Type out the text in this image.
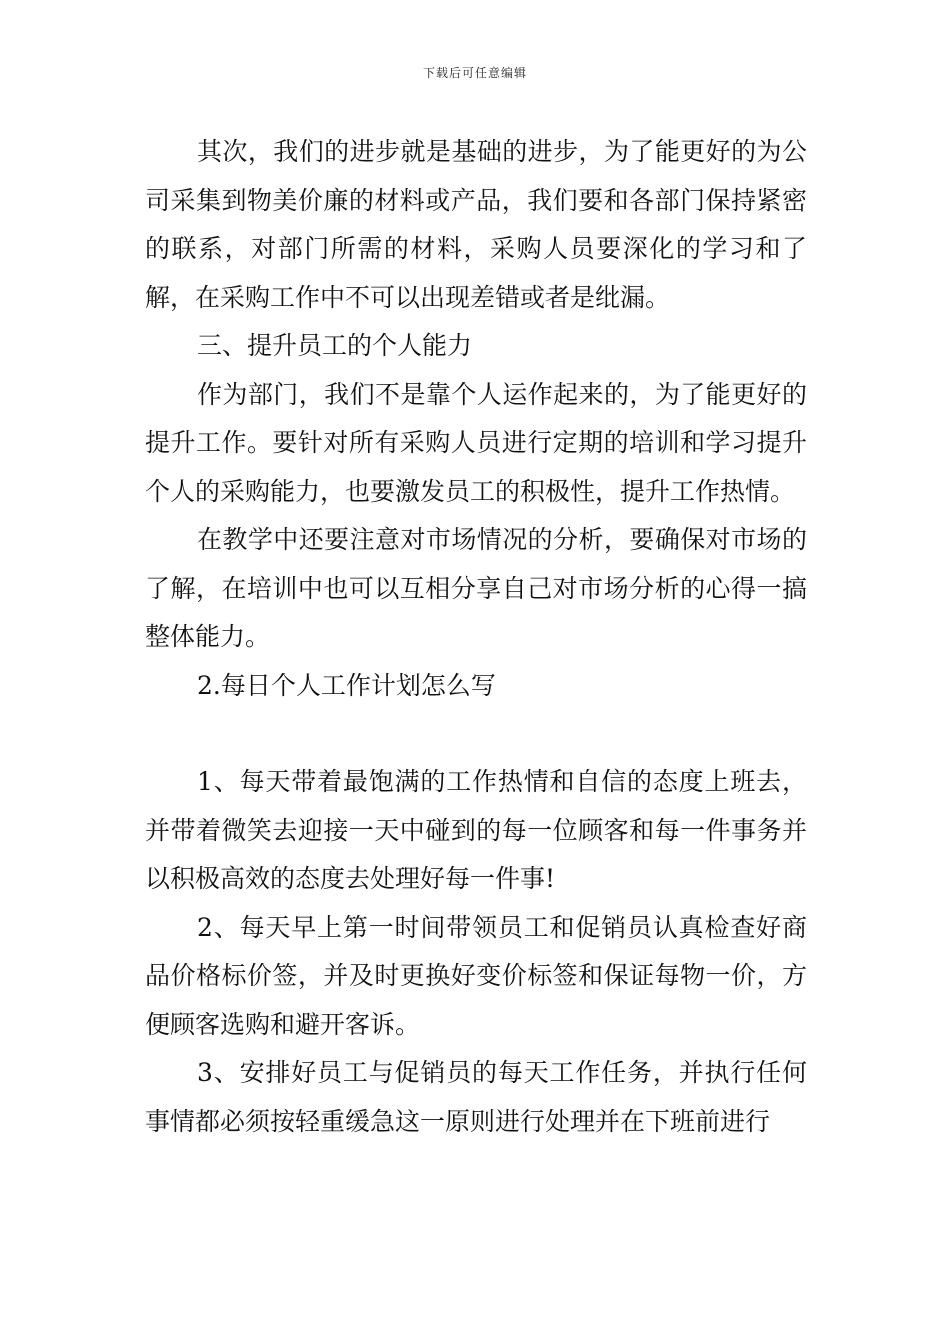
下载后可任意编辑

其次，我们的进步就是基础的进步，为了能更好的为公司采集到物美价廉的材料或产品，我们要和各部门保持紧密的联系，对部门所需的材料，采购人员要深化的学习和了解，在采购工作中不可以出现差错或者是纰漏。

三、提升员工的个人能力

作为部门，我们不是靠个人运作起来的，为了能更好的提升工作。要针对所有采购人员进行定期的培训和学习提升个人的采购能力，也要激发员工的积极性，提升工作热情。

在教学中还要注意对市场情况的分析，要确保对市场的了解，在培训中也可以互相分享自己对市场分析的心得一搞整体能力。

2.每日个人工作计划怎么写

1、每天带着最饱满的工作热情和自信的态度上班去，并带着微笑去迎接一天中碰到的每一位顾客和每一件事务并以积极高效的态度去处理好每一件事!

2、每天早上第一时间带领员工和促销员认真检查好商品价格标价签，并及时更换好变价标签和保证每物一价，方便顾客选购和避开客诉。

3、安排好员工与促销员的每天工作任务，并执行任何事情都必须按轻重缓急这一原则进行处理并在下班前进行
